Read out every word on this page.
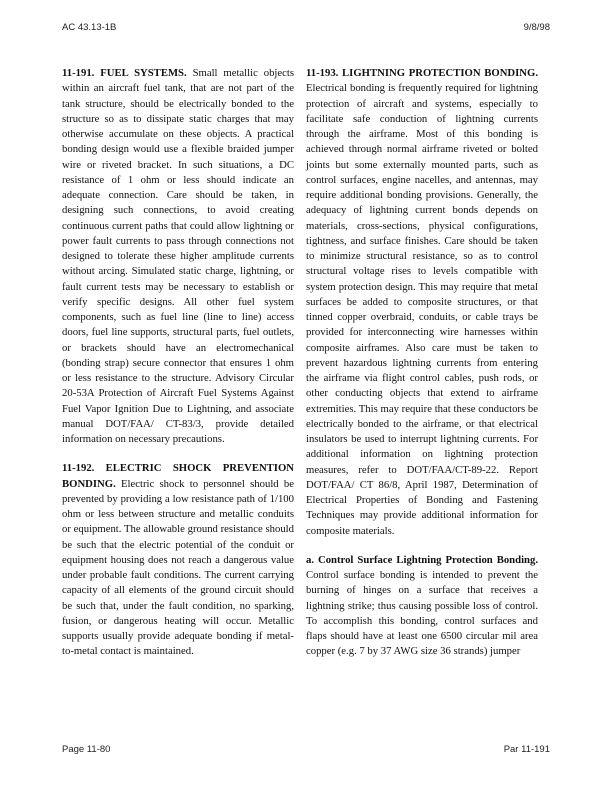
AC 43.13-1B	9/8/98

11-191. FUEL SYSTEMS. Small metallic objects within an aircraft fuel tank, that are not part of the tank structure, should be electrically bonded to the structure so as to dissipate static charges that may otherwise accumulate on these objects. A practical bonding design would use a flexible braided jumper wire or riveted bracket. In such situations, a DC resistance of 1 ohm or less should indicate an adequate connection. Care should be taken, in designing such connections, to avoid creating continuous current paths that could allow lightning or power fault currents to pass through connections not designed to tolerate these higher amplitude currents without arcing. Simulated static charge, lightning, or fault current tests may be necessary to establish or verify specific designs. All other fuel system components, such as fuel line (line to line) access doors, fuel line supports, structural parts, fuel outlets, or brackets should have an electromechanical (bonding strap) secure connector that ensures 1 ohm or less resistance to the structure. Advisory Circular 20-53A Protection of Aircraft Fuel Systems Against Fuel Vapor Ignition Due to Lightning, and associate manual DOT/FAA/ CT-83/3, provide detailed information on necessary precautions.

11-192. ELECTRIC SHOCK PREVENTION BONDING. Electric shock to personnel should be prevented by providing a low resistance path of 1/100 ohm or less between structure and metallic conduits or equipment. The allowable ground resistance should be such that the electric potential of the conduit or equipment housing does not reach a dangerous value under probable fault conditions. The current carrying capacity of all elements of the ground circuit should be such that, under the fault condition, no sparking, fusion, or dangerous heating will occur. Metallic supports usually provide adequate bonding if metal-to-metal contact is maintained.

11-193. LIGHTNING PROTECTION BONDING. Electrical bonding is frequently required for lightning protection of aircraft and systems, especially to facilitate safe conduction of lightning currents through the airframe. Most of this bonding is achieved through normal airframe riveted or bolted joints but some externally mounted parts, such as control surfaces, engine nacelles, and antennas, may require additional bonding provisions. Generally, the adequacy of lightning current bonds depends on materials, cross-sections, physical configurations, tightness, and surface finishes. Care should be taken to minimize structural resistance, so as to control structural voltage rises to levels compatible with system protection design. This may require that metal surfaces be added to composite structures, or that tinned copper overbraid, conduits, or cable trays be provided for interconnecting wire harnesses within composite airframes. Also care must be taken to prevent hazardous lightning currents from entering the airframe via flight control cables, push rods, or other conducting objects that extend to airframe extremities. This may require that these conductors be electrically bonded to the airframe, or that electrical insulators be used to interrupt lightning currents. For additional information on lightning protection measures, refer to DOT/FAA/CT-89-22. Report DOT/FAA/ CT 86/8, April 1987, Determination of Electrical Properties of Bonding and Fastening Techniques may provide additional information for composite materials.

a. Control Surface Lightning Protection Bonding. Control surface bonding is intended to prevent the burning of hinges on a surface that receives a lightning strike; thus causing possible loss of control. To accomplish this bonding, control surfaces and flaps should have at least one 6500 circular mil area copper (e.g. 7 by 37 AWG size 36 strands) jumper

Page 11-80	Par 11-191
